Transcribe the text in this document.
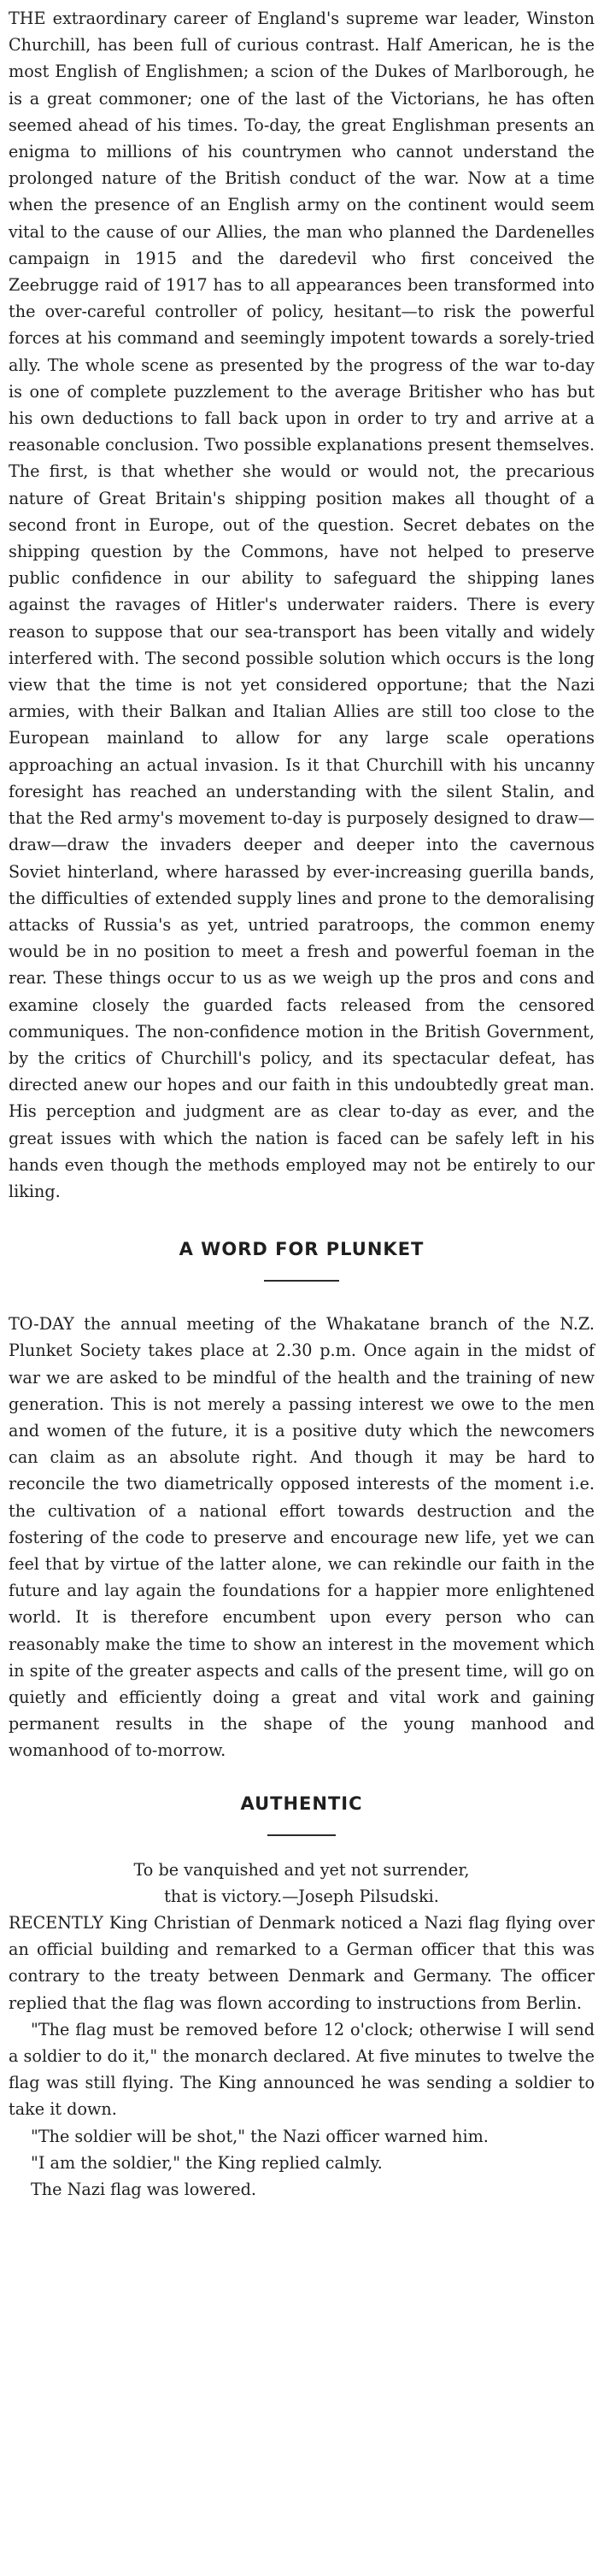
THE extraordinary career of England's supreme war leader, Winston Churchill, has been full of curious contrast. Half American, he is the most English of Englishmen; a scion of the Dukes of Marlborough, he is a great commoner; one of the last of the Victorians, he has often seemed ahead of his times. To-day, the great Englishman presents an enigma to millions of his countrymen who cannot understand the prolonged nature of the British conduct of the war. Now at a time when the presence of an English army on the continent would seem vital to the cause of our Allies, the man who planned the Dardenelles campaign in 1915 and the daredevil who first conceived the Zeebrugge raid of 1917 has to all appearances been transformed into the over-careful controller of policy, hesitant—to risk the powerful forces at his command and seemingly impotent towards a sorely-tried ally. The whole scene as presented by the progress of the war to-day is one of complete puzzlement to the average Britisher who has but his own deductions to fall back upon in order to try and arrive at a reasonable conclusion. Two possible explanations present themselves. The first, is that whether she would or would not, the precarious nature of Great Britain's shipping position makes all thought of a second front in Europe, out of the question. Secret debates on the shipping question by the Commons, have not helped to preserve public confidence in our ability to safeguard the shipping lanes against the ravages of Hitler's underwater raiders. There is every reason to suppose that our sea-transport has been vitally and widely interfered with. The second possible solution which occurs is the long view that the time is not yet considered opportune; that the Nazi armies, with their Balkan and Italian Allies are still too close to the European mainland to allow for any large scale operations approaching an actual invasion. Is it that Churchill with his uncanny foresight has reached an understanding with the silent Stalin, and that the Red army's movement to-day is purposely designed to draw—draw—draw the invaders deeper and deeper into the cavernous Soviet hinterland, where harassed by ever-increasing guerilla bands, the difficulties of extended supply lines and prone to the demoralising attacks of Russia's as yet, untried paratroops, the common enemy would be in no position to meet a fresh and powerful foeman in the rear. These things occur to us as we weigh up the pros and cons and examine closely the guarded facts released from the censored communiques. The non-confidence motion in the British Government, by the critics of Churchill's policy, and its spectacular defeat, has directed anew our hopes and our faith in this undoubtedly great man. His perception and judgment are as clear to-day as ever, and the great issues with which the nation is faced can be safely left in his hands even though the methods employed may not be entirely to our liking.

A WORD FOR PLUNKET

TO-DAY the annual meeting of the Whakatane branch of the N.Z. Plunket Society takes place at 2.30 p.m. Once again in the midst of war we are asked to be mindful of the health and the training of new generation. This is not merely a passing interest we owe to the men and women of the future, it is a positive duty which the newcomers can claim as an absolute right. And though it may be hard to reconcile the two diametrically opposed interests of the moment i.e. the cultivation of a national effort towards destruction and the fostering of the code to preserve and encourage new life, yet we can feel that by virtue of the latter alone, we can rekindle our faith in the future and lay again the foundations for a happier more enlightened world. It is therefore encumbent upon every person who can reasonably make the time to show an interest in the movement which in spite of the greater aspects and calls of the present time, will go on quietly and efficiently doing a great and vital work and gaining permanent results in the shape of the young manhood and womanhood of to-morrow.

AUTHENTIC

To be vanquished and yet not surrender,

that is victory.—Joseph Pilsudski.

RECENTLY King Christian of Denmark noticed a Nazi flag flying over an official building and remarked to a German officer that this was contrary to the treaty between Denmark and Germany. The officer replied that the flag was flown according to instructions from Berlin.

"The flag must be removed before 12 o'clock; otherwise I will send a soldier to do it," the monarch declared. At five minutes to twelve the flag was still flying. The King announced he was sending a soldier to take it down.

"The soldier will be shot," the Nazi officer warned him.

"I am the soldier," the King replied calmly.

The Nazi flag was lowered.
